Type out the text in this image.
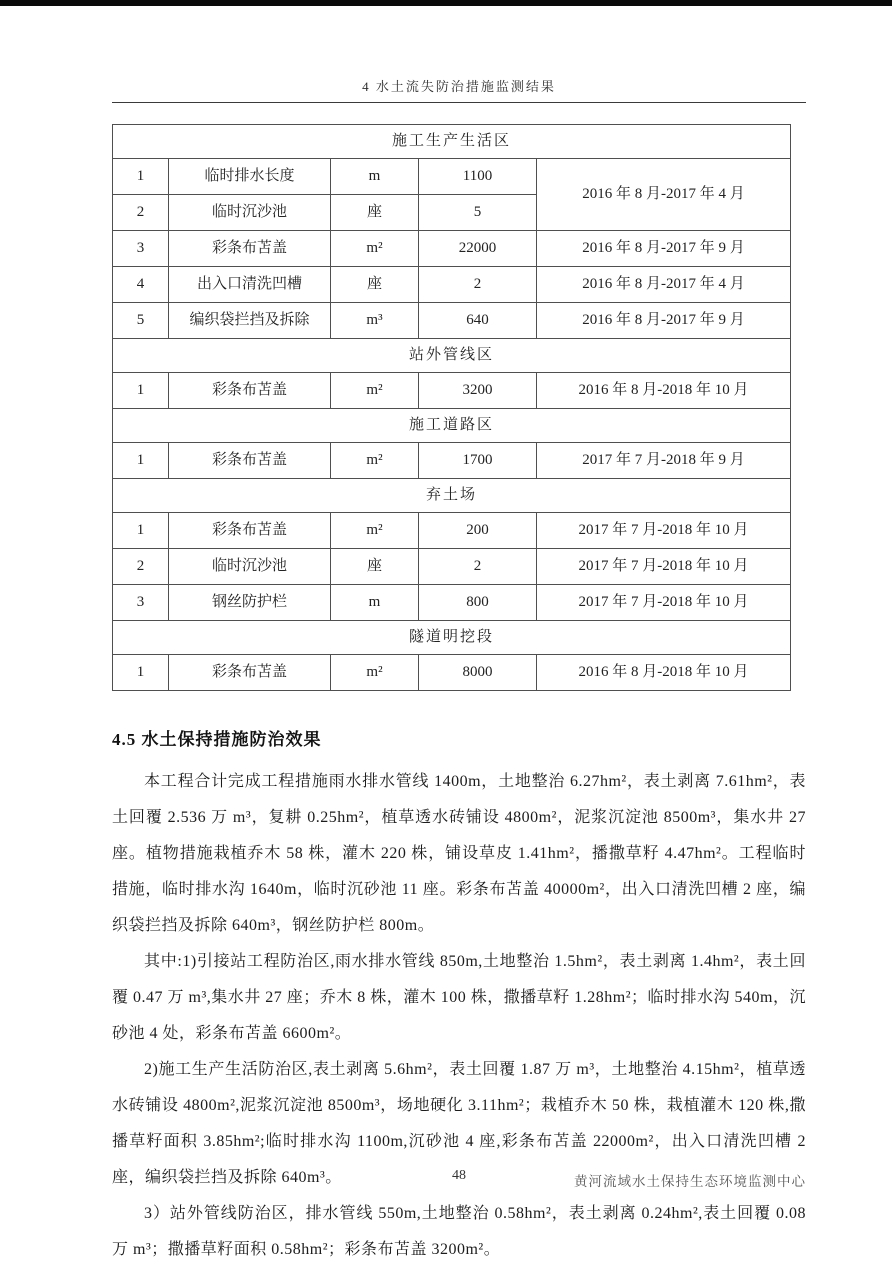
4 水土流失防治措施监测结果
施工生产生活区				
1	临时排水长度	m	1100	2016 年 8 月-2017 年 4 月
2	临时沉沙池	座	5	
3	彩条布苫盖	m²	22000	2016 年 8 月-2017 年 9 月
4	出入口清洗凹槽	座	2	2016 年 8 月-2017 年 4 月
5	编织袋拦挡及拆除	m³	640	2016 年 8 月-2017 年 9 月
站外管线区				
1	彩条布苫盖	m²	3200	2016 年 8 月-2018 年 10 月
施工道路区				
1	彩条布苫盖	m²	1700	2017 年 7 月-2018 年 9 月
弃土场				
1	彩条布苫盖	m²	200	2017 年 7 月-2018 年 10 月
2	临时沉沙池	座	2	2017 年 7 月-2018 年 10 月
3	钢丝防护栏	m	800	2017 年 7 月-2018 年 10 月
隧道明挖段				
1	彩条布苫盖	m²	8000	2016 年 8 月-2018 年 10 月
4.5 水土保持措施防治效果

本工程合计完成工程措施雨水排水管线 1400m，土地整治 6.27hm²，表土剥离 7.61hm²，表土回覆 2.536 万 m³，复耕 0.25hm²，植草透水砖铺设 4800m²，泥浆沉淀池 8500m³，集水井 27 座。植物措施栽植乔木 58 株，灌木 220 株，铺设草皮 1.41hm²，播撒草籽 4.47hm²。工程临时措施，临时排水沟 1640m，临时沉砂池 11 座。彩条布苫盖 40000m²，出入口清洗凹槽 2 座，编织袋拦挡及拆除 640m³，钢丝防护栏 800m。

其中:1)引接站工程防治区,雨水排水管线 850m,土地整治 1.5hm²，表土剥离 1.4hm²，表土回覆 0.47 万 m³,集水井 27 座；乔木 8 株，灌木 100 株，撒播草籽 1.28hm²；临时排水沟 540m，沉砂池 4 处，彩条布苫盖 6600m²。

2)施工生产生活防治区,表土剥离 5.6hm²，表土回覆 1.87 万 m³，土地整治 4.15hm²，植草透水砖铺设 4800m²,泥浆沉淀池 8500m³，场地硬化 3.11hm²；栽植乔木 50 株，栽植灌木 120 株,撒播草籽面积 3.85hm²;临时排水沟 1100m,沉砂池 4 座,彩条布苫盖 22000m²，出入口清洗凹槽 2 座，编织袋拦挡及拆除 640m³。

3）站外管线防治区，排水管线 550m,土地整治 0.58hm²，表土剥离 0.24hm²,表土回覆 0.08 万 m³；撒播草籽面积 0.58hm²；彩条布苫盖 3200m²。

48	黄河流域水土保持生态环境监测中心
